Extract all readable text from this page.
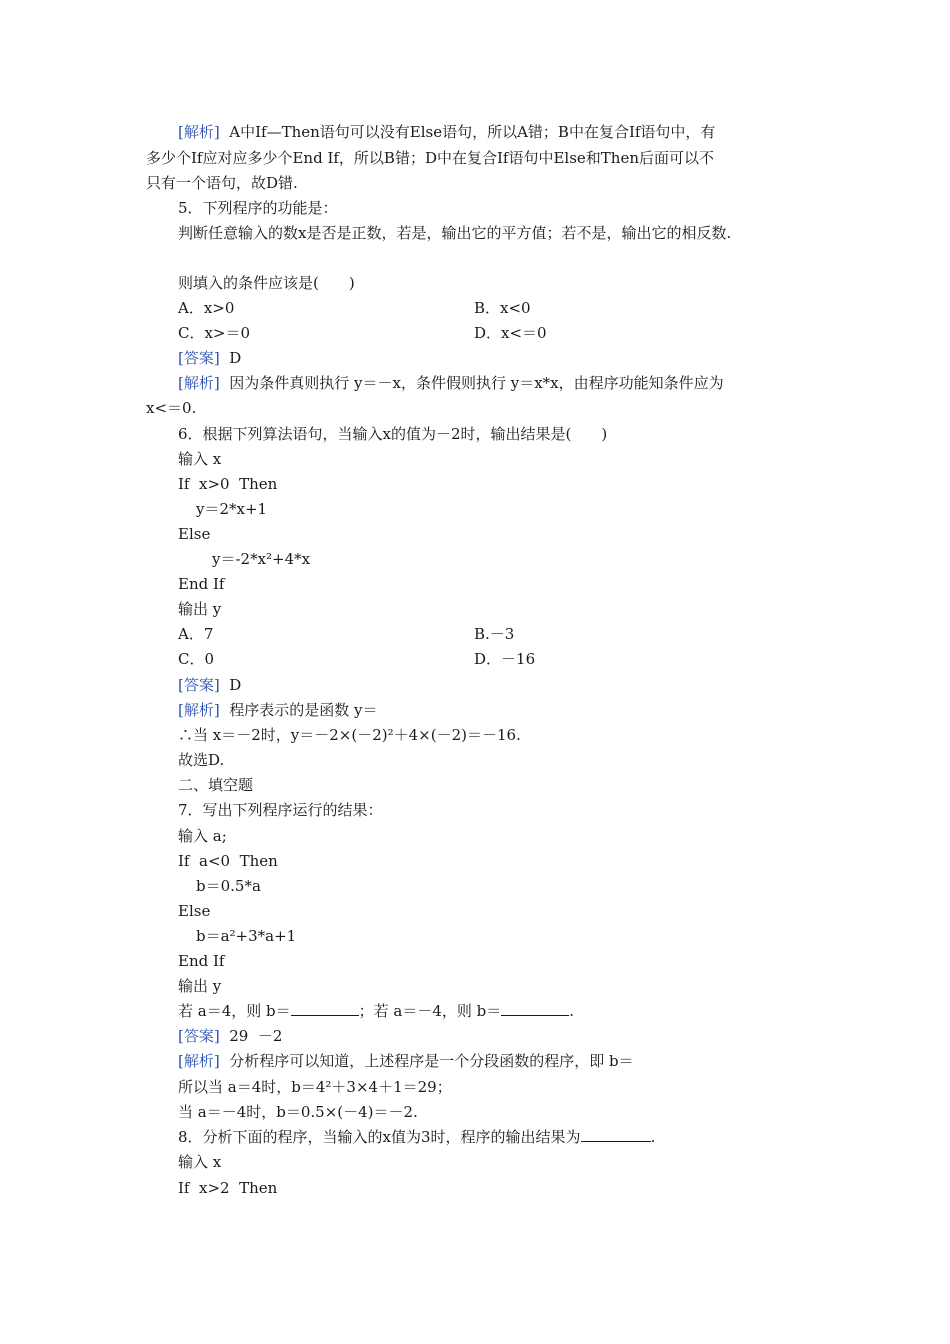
[解析]  A中If—Then语句可以没有Else语句，所以A错；B中在复合If语句中，有
多少个If应对应多少个End If，所以B错；D中在复合If语句中Else和Then后面可以不
只有一个语句，故D错.
5．下列程序的功能是：
判断任意输入的数x是否是正数，若是，输出它的平方值；若不是，输出它的相反数.
则填入的条件应该是(　　)
A．x>0	B．x<0
C．x>＝0	D．x<＝0
[答案]  D
[解析]  因为条件真则执行 y＝－x，条件假则执行 y＝x*x，由程序功能知条件应为
x<＝0.
6．根据下列算法语句，当输入x的值为－2时，输出结果是(　　)
输入 x
If  x>0  Then
y＝2*x+1
Else
y＝-2*x²+4*x
End If
输出 y
A．7	B.－3
C．0	D．－16
[答案]  D
[解析]  程序表示的是函数 y＝
∴当 x＝－2时，y＝－2×(－2)²＋4×(－2)＝－16.
故选D.
二、填空题
7．写出下列程序运行的结果：
输入 a;
If  a<0  Then
b＝0.5*a
Else
b＝a²+3*a+1
End If
输出 y
若 a＝4，则 b＝	；若 a＝－4，则 b＝	.
[答案]  29  －2
[解析]  分析程序可以知道，上述程序是一个分段函数的程序，即 b＝
所以当 a＝4时，b＝4²＋3×4＋1＝29；
当 a＝－4时，b＝0.5×(－4)＝－2.
8．分析下面的程序，当输入的x值为3时，程序的输出结果为	.
输入 x
If  x>2  Then
